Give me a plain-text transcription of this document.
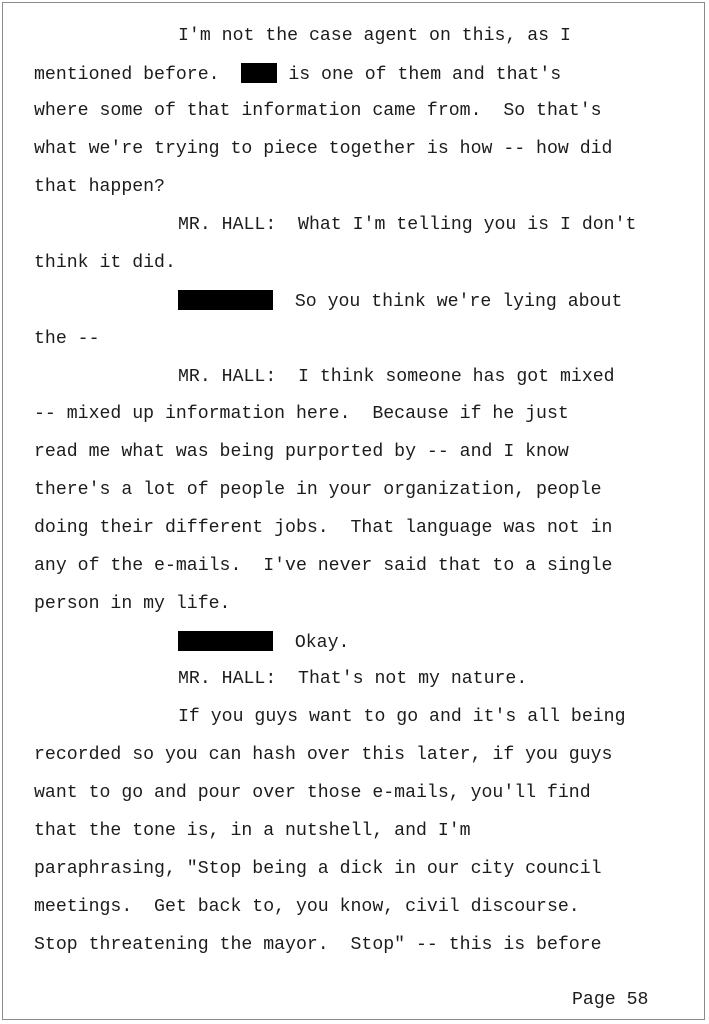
I'm not the case agent on this, as I
mentioned before.	is one of them and that's
where some of that information came from.  So that's
what we're trying to piece together is how -- how did
that happen?
MR. HALL:  What I'm telling you is I don't
think it did.
So you think we're lying about
the --
MR. HALL:  I think someone has got mixed
-- mixed up information here.  Because if he just
read me what was being purported by -- and I know
there's a lot of people in your organization, people
doing their different jobs.  That language was not in
any of the e-mails.  I've never said that to a single
person in my life.
Okay.
MR. HALL:  That's not my nature.
If you guys want to go and it's all being
recorded so you can hash over this later, if you guys
want to go and pour over those e-mails, you'll find
that the tone is, in a nutshell, and I'm
paraphrasing, "Stop being a dick in our city council
meetings.  Get back to, you know, civil discourse.
Stop threatening the mayor.  Stop" -- this is before
Page 58
